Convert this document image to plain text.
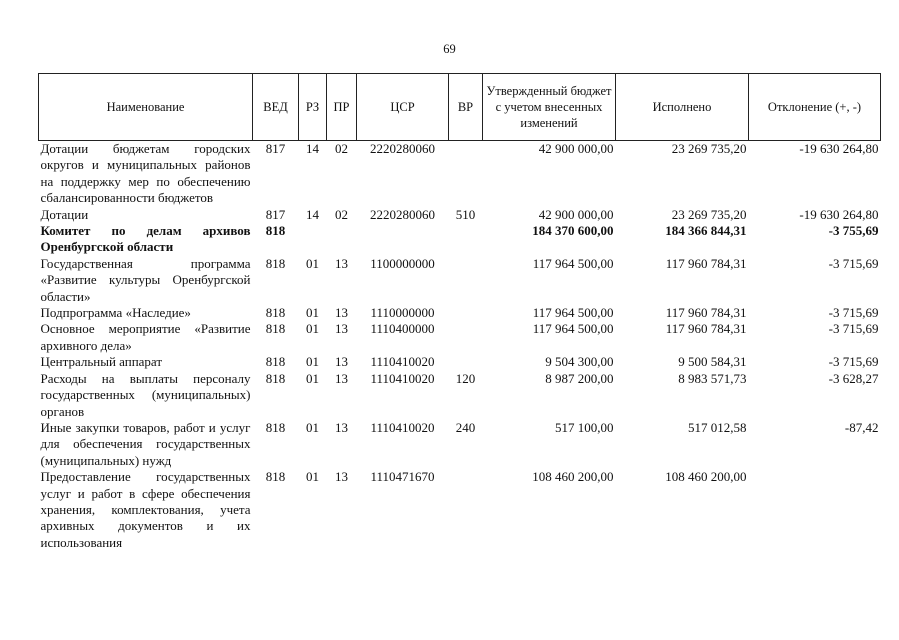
69
Наименование	ВЕД	РЗ	ПР	ЦСР	ВР	Утвержденный бюджет с учетом внесенных изменений	Исполнено	Отклонение (+, -)
Дотации бюджетам городских округов и муниципальных районов на поддержку мер по обеспечению сбалансированности бюджетов	817	14	02	2220280060		42 900 000,00	23 269 735,20	-19 630 264,80
Дотации	817	14	02	2220280060	510	42 900 000,00	23 269 735,20	-19 630 264,80
Комитет по делам архивов Оренбургской области	818					184 370 600,00	184 366 844,31	-3 755,69
Государственная программа «Развитие культуры Оренбургской области»	818	01	13	1100000000		117 964 500,00	117 960 784,31	-3 715,69
Подпрограмма «Наследие»	818	01	13	1110000000		117 964 500,00	117 960 784,31	-3 715,69
Основное мероприятие «Развитие архивного дела»	818	01	13	1110400000		117 964 500,00	117 960 784,31	-3 715,69
Центральный аппарат	818	01	13	1110410020		9 504 300,00	9 500 584,31	-3 715,69
Расходы на выплаты персоналу государственных (муниципальных) органов	818	01	13	1110410020	120	8 987 200,00	8 983 571,73	-3 628,27
Иные закупки товаров, работ и услуг для обеспечения государственных (муниципальных) нужд	818	01	13	1110410020	240	517 100,00	517 012,58	-87,42
Предоставление государственных услуг и работ в сфере обеспечения хранения, комплектования, учета архивных документов и их использования	818	01	13	1110471670		108 460 200,00	108 460 200,00	
